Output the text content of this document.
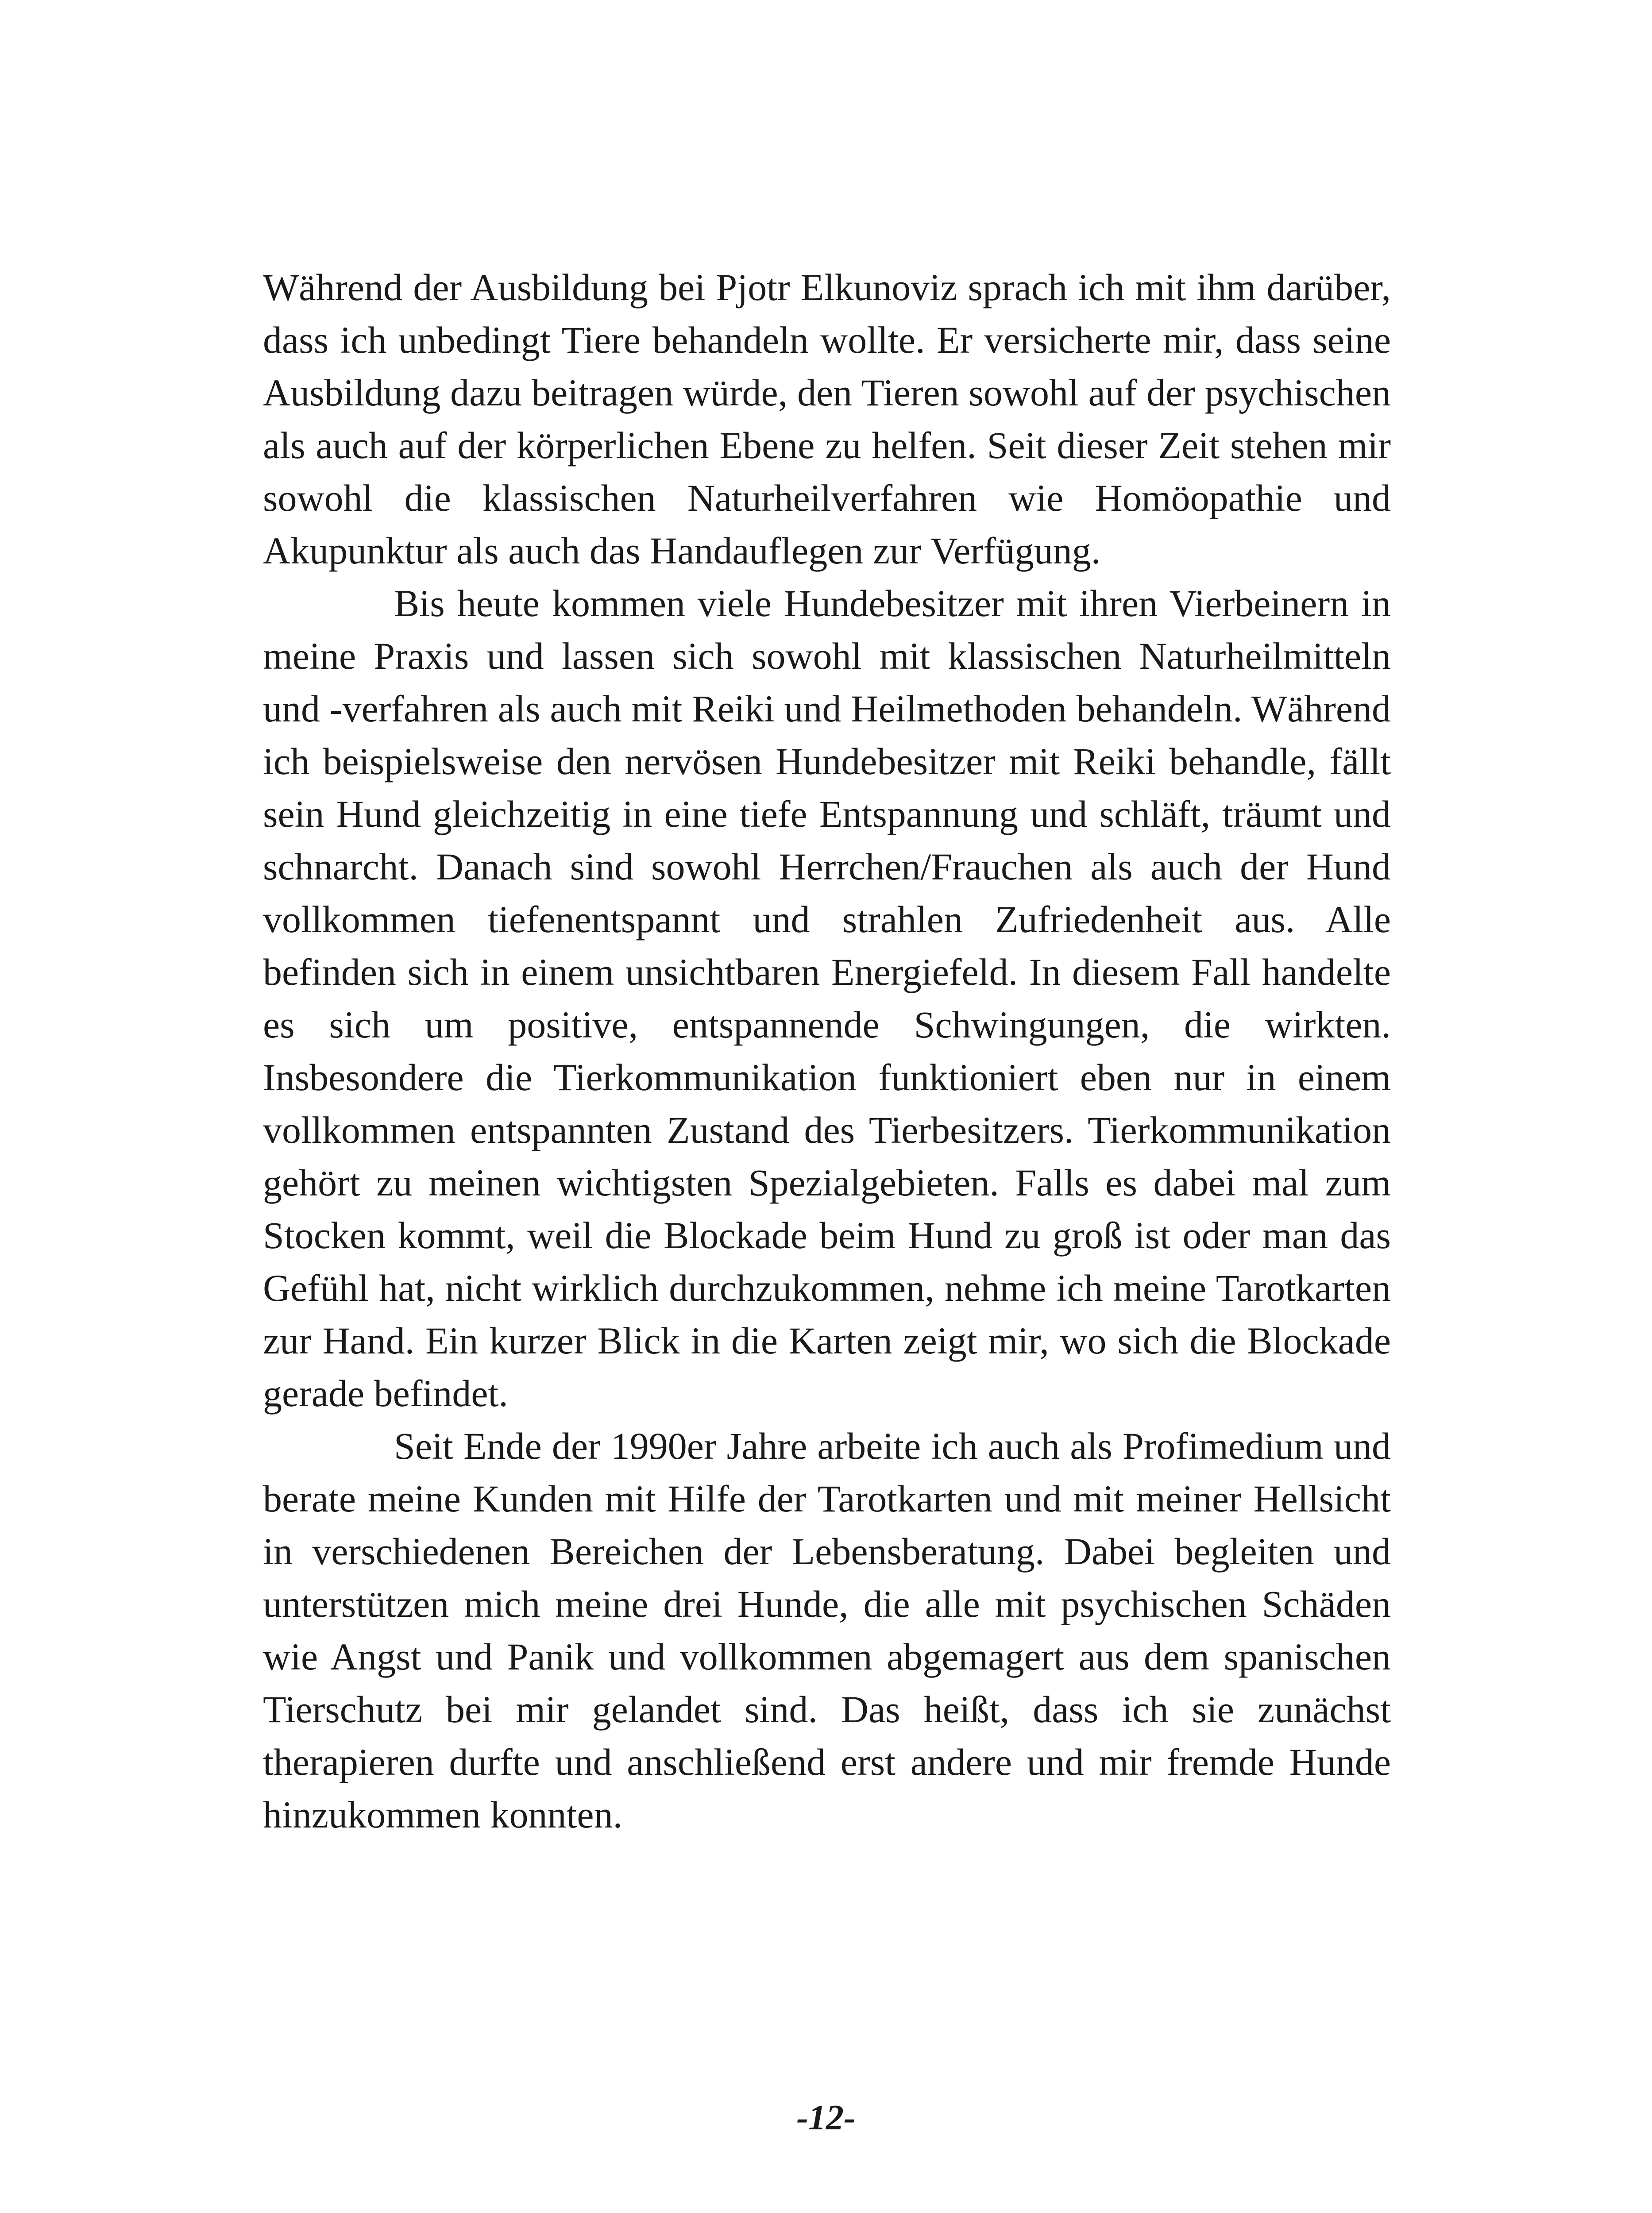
Während der Ausbildung bei Pjotr Elkunoviz sprach ich mit ihm darüber, dass ich unbedingt Tiere behandeln wollte. Er versicherte mir, dass seine Ausbildung dazu beitragen würde, den Tieren sowohl auf der psychischen als auch auf der körperlichen Ebene zu helfen. Seit dieser Zeit stehen mir sowohl die klassischen Naturheilverfahren wie Homöopathie und Akupunktur als auch das Handauflegen zur Verfügung.

Bis heute kommen viele Hundebesitzer mit ihren Vierbeinern in meine Praxis und lassen sich sowohl mit klassischen Naturheilmitteln und -verfahren als auch mit Reiki und Heilmethoden behandeln. Während ich beispielsweise den nervösen Hundebesitzer mit Reiki behandle, fällt sein Hund gleichzeitig in eine tiefe Entspannung und schläft, träumt und schnarcht. Danach sind sowohl Herrchen/Frauchen als auch der Hund vollkommen tiefenentspannt und strahlen Zufriedenheit aus. Alle befinden sich in einem unsichtbaren Energiefeld. In diesem Fall handelte es sich um positive, entspannende Schwingungen, die wirkten. Insbesondere die Tierkommunikation funktioniert eben nur in einem vollkommen entspannten Zustand des Tierbesitzers. Tierkommunikation gehört zu meinen wichtigsten Spezialgebieten. Falls es dabei mal zum Stocken kommt, weil die Blockade beim Hund zu groß ist oder man das Gefühl hat, nicht wirklich durchzukommen, nehme ich meine Tarotkarten zur Hand. Ein kurzer Blick in die Karten zeigt mir, wo sich die Blockade gerade befindet.

Seit Ende der 1990er Jahre arbeite ich auch als Profimedium und berate meine Kunden mit Hilfe der Tarotkarten und mit meiner Hellsicht in verschiedenen Bereichen der Lebensberatung. Dabei begleiten und unterstützen mich meine drei Hunde, die alle mit psychischen Schäden wie Angst und Panik und vollkommen abgemagert aus dem spanischen Tierschutz bei mir gelandet sind. Das heißt, dass ich sie zunächst therapieren durfte und anschließend erst andere und mir fremde Hunde hinzukommen konnten.

-12-
